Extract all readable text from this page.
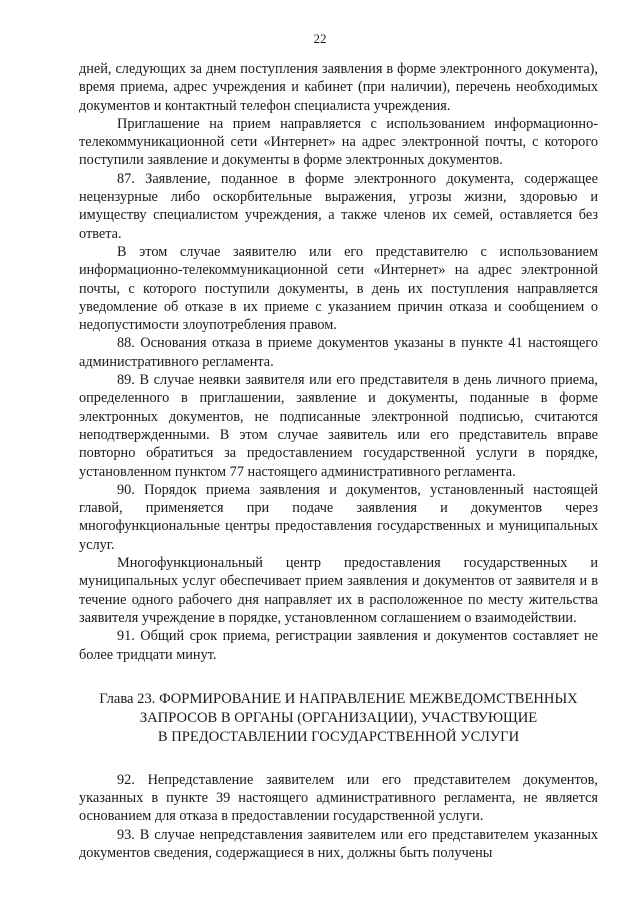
22

дней, следующих за днем поступления заявления в форме электронного документа), время приема, адрес учреждения и кабинет (при наличии), перечень необходимых документов и контактный телефон специалиста учреждения.

Приглашение на прием направляется с использованием информационно-телекоммуникационной сети «Интернет» на адрес электронной почты, с которого поступили заявление и документы в форме электронных документов.

87. Заявление, поданное в форме электронного документа, содержащее нецензурные либо оскорбительные выражения, угрозы жизни, здоровью и имуществу специалистом учреждения, а также членов их семей, оставляется без ответа.

В этом случае заявителю или его представителю с использованием информационно-телекоммуникационной сети «Интернет» на адрес электронной почты, с которого поступили документы, в день их поступления направляется уведомление об отказе в их приеме с указанием причин отказа и сообщением о недопустимости злоупотребления правом.

88. Основания отказа в приеме документов указаны в пункте 41 настоящего административного регламента.

89. В случае неявки заявителя или его представителя в день личного приема, определенного в приглашении, заявление и документы, поданные в форме электронных документов, не подписанные электронной подписью, считаются неподтвержденными. В этом случае заявитель или его представитель вправе повторно обратиться за предоставлением государственной услуги в порядке, установленном пунктом 77 настоящего административного регламента.

90. Порядок приема заявления и документов, установленный настоящей главой, применяется при подаче заявления и документов через многофункциональные центры предоставления государственных и муниципальных услуг.

Многофункциональный центр предоставления государственных и муниципальных услуг обеспечивает прием заявления и документов от заявителя и в течение одного рабочего дня направляет их в расположенное по месту жительства заявителя учреждение в порядке, установленном соглашением о взаимодействии.

91. Общий срок приема, регистрации заявления и документов составляет не более тридцати минут.

Глава 23. ФОРМИРОВАНИЕ И НАПРАВЛЕНИЕ МЕЖВЕДОМСТВЕННЫХ
ЗАПРОСОВ В ОРГАНЫ (ОРГАНИЗАЦИИ), УЧАСТВУЮЩИЕ
В ПРЕДОСТАВЛЕНИИ ГОСУДАРСТВЕННОЙ УСЛУГИ

92. Непредставление заявителем или его представителем документов, указанных в пункте 39 настоящего административного регламента, не является основанием для отказа в предоставлении государственной услуги.

93. В случае непредставления заявителем или его представителем указанных документов сведения, содержащиеся в них, должны быть получены
